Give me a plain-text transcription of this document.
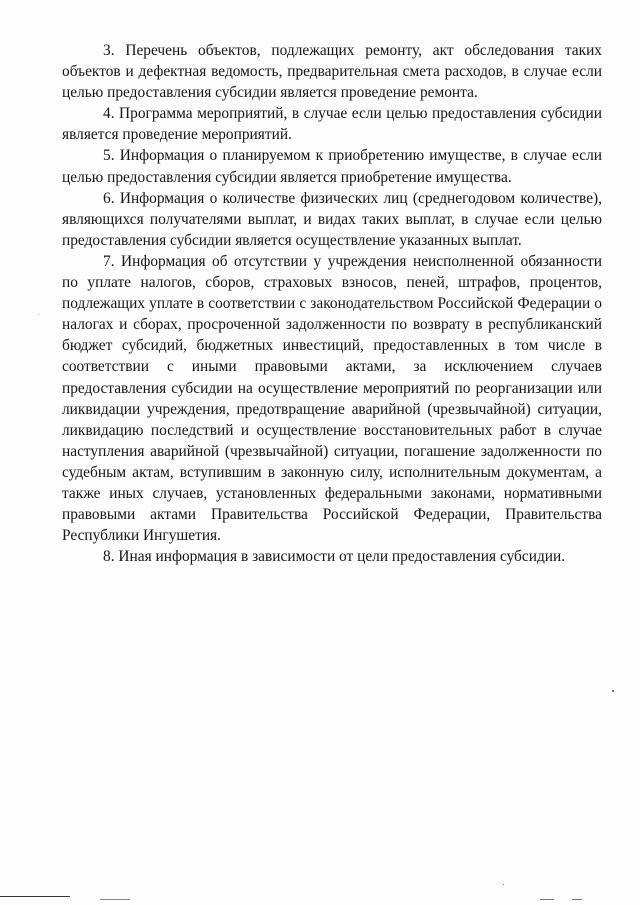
3. Перечень объектов, подлежащих ремонту, акт обследования таких объектов и дефектная ведомость, предварительная смета расходов, в случае если целью предоставления субсидии является проведение ремонта.

4. Программа мероприятий, в случае если целью предоставления субсидии является проведение мероприятий.

5. Информация о планируемом к приобретению имуществе, в случае если целью предоставления субсидии является приобретение имущества.

6. Информация о количестве физических лиц (среднегодовом количестве), являющихся получателями выплат, и видах таких выплат, в случае если целью предоставления субсидии является осуществление указанных выплат.

7. Информация об отсутствии у учреждения неисполненной обязанности по уплате налогов, сборов, страховых взносов, пеней, штрафов, процентов, подлежащих уплате в соответствии с законодательством Российской Федерации о налогах и сборах, просроченной задолженности по возврату в республиканский бюджет субсидий, бюджетных инвестиций, предоставленных в том числе в соответствии с иными правовыми актами, за исключением случаев предоставления субсидии на осуществление мероприятий по реорганизации или ликвидации учреждения, предотвращение аварийной (чрезвычайной) ситуации, ликвидацию последствий и осуществление восстановительных работ в случае наступления аварийной (чрезвычайной) ситуации, погашение задолженности по судебным актам, вступившим в законную силу, исполнительным документам, а также иных случаев, установленных федеральными законами, нормативными правовыми актами Правительства Российской Федерации, Правительства Республики Ингушетия.

8. Иная информация в зависимости от цели предоставления субсидии.
